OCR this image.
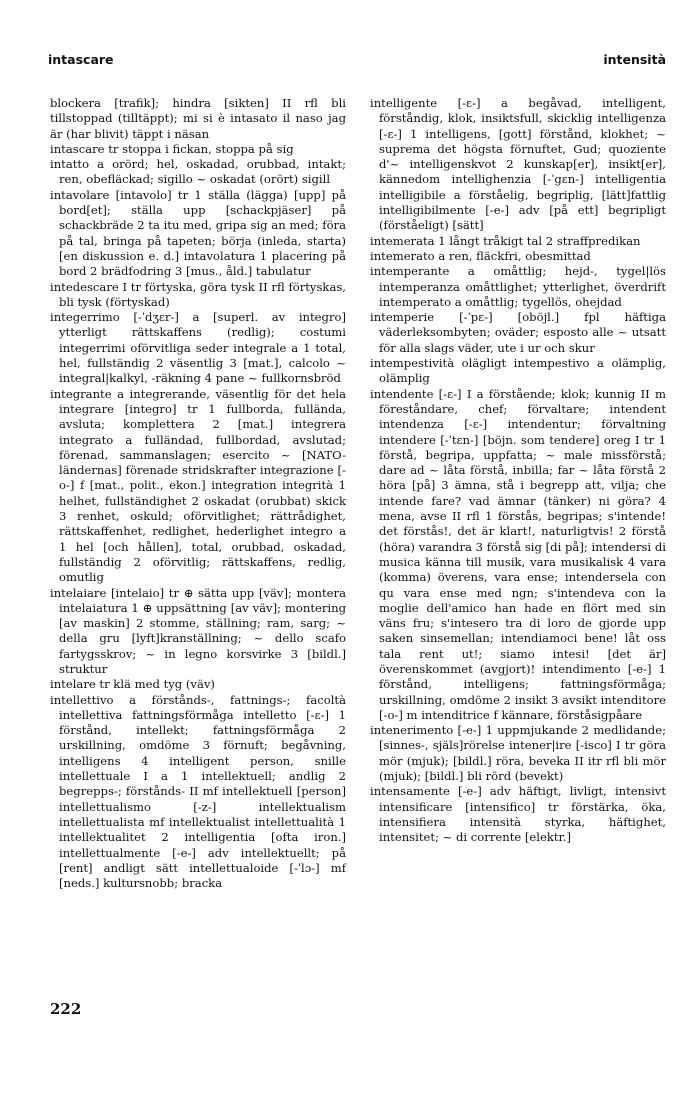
intascare	intensità

blockera [trafik]; hindra [sikten] II rfl bli tillstoppad (tilltäppt); mi si è intasato il naso jag är (har blivit) täppt i näsan

intascare tr stoppa i fickan, stoppa på sig

intatto a orörd; hel, oskadad, orubbad, intakt; ren, obefläckad; sigillo ~ oskadat (orört) sigill

intavolare [intavolo] tr 1 ställa (lägga) [upp] på bord[et]; ställa upp [schackpjäser] på schackbräde 2 ta itu med, gripa sig an med; föra på tal, bringa på tapeten; börja (inleda, starta) [en diskussion e. d.] intavolatura 1 placering på bord 2 brädfodring 3 [mus., åld.] tabulatur

intedescare I tr förtyska, göra tysk II rfl förtyskas, bli tysk (förtyskad)

integerrimo [-ˈdʒɛr-] a [superl. av integro] ytterligt rättskaffens (redlig); costumi integerrimi oförvitliga seder integrale a 1 total, hel, fullständig 2 väsentlig 3 [mat.], calcolo ~ integral|kalkyl, -räkning 4 pane ~ fullkornsbröd

integrante a integrerande, väsentlig för det hela integrare [integro] tr 1 fullborda, fulländа, avsluta; komplettera 2 [mat.] integrera integrato a fulländad, fullbordad, avslutad; förenad, sammanslagen; esercito ~ [NATO-ländernas] förenade stridskrafter integrazione [-o-] f [mat., polit., ekon.] integration integrità 1 helhet, fullständighet 2 oskadat (orubbat) skick 3 renhet, oskuld; oförvitlighet; rättrådighet, rättskaffenhet, redlighet, hederlighet integro a 1 hel [och hållen], total, orubbad, oskadad, fullständig 2 oförvitlig; rättskaffens, redlig, omutlig

intelaiare [intelaio] tr ⊕ sätta upp [väv]; montera intelaiatura 1 ⊕ uppsättning [av väv]; montering [av maskin] 2 stomme, ställning; ram, sarg; ~ della gru [lyft]kranställning; ~ dello scafo fartygsskrov; ~ in legno korsvirke 3 [bildl.] struktur

intelare tr klä med tyg (väv)

intellettivo a förstånds-, fattnings-; facoltà intellettiva fattningsförmåga intelletto [-ɛ-] 1 förstånd, intellekt; fattningsförmåga 2 urskillning, omdöme 3 förnuft; begåvning, intelligens 4 intelligent person, snille intellettuale I a 1 intellektuell; andlig 2 begrepps-; förstånds- II mf intellektuell [person] intellettualismo [-z-] intellektualism intellettualista mf intellektualist intellettualità 1 intellektualitet 2 intelligentia [ofta iron.] intellettualmente [-e-] adv intellektuellt; på [rent] andligt sätt intellettualoide [-ˈlɔ-] mf [neds.] kultursnobb; bracka

intelligente [-ɛ-] a begåvad, intelligent, förståndig, klok, insiktsfull, skicklig intelligenza [-ɛ-] 1 intelligens, [gott] förstånd, klokhet; ~ suprema det högsta förnuftet, Gud; quoziente d'~ intelligenskvot 2 kunskap[er], insikt[er], kännedom intellighenzia [-ˈgɛn-] intelligentia intelligibile a förståelig, begriplig, [lätt]fattlig intelligibilmente [-e-] adv [på ett] begripligt (förståeligt) [sätt]

intemerata 1 långt tråkigt tal 2 straffpredikan

intemerato a ren, fläckfri, obesmittad

intemperante a omåttlig; hejd-, tygel|lös intemperanza omåttlighet; ytterlighet, överdrift intemperato a omåttlig; tygellös, ohejdad

intemperie [-ˈpɛ-] [oböjl.] fpl häftiga väderleksombyten; oväder; esposto alle ~ utsatt för alla slags väder, ute i ur och skur

intempestività olägligt intempestivo a olämplig, olämplig

intendente [-ɛ-] I a förstående; klok; kunnig II m föreståndare, chef; förvaltare; intendent intendenza [-ɛ-] intendentur; förvaltning intendere [-ˈtɛn-] [böjn. som tendere] oreg I tr 1 förstå, begripa, uppfatta; ~ male missförstå; dare ad ~ låta förstå, inbilla; far ~ låta förstå 2 höra [på] 3 ämna, stå i begrepp att, vilja; che intende fare? vad ämnar (tänker) ni göra? 4 mena, avse II rfl 1 förstås, begripas; s'intende! det förstås!, det är klart!, naturligtvis! 2 förstå (höra) varandra 3 förstå sig [di på]; intendersi di musica känna till musik, vara musikalisk 4 vara (komma) överens, vara ense; intendersela con qu vara ense med ngn; s'intendeva con la moglie dell'amico han hade en flört med sin väns fru; s'intesero tra di loro de gjorde upp saken sinsemellan; intendiamoci bene! låt oss tala rent ut!; siamo intesi! [det är] överenskommet (avgjort)! intendimento [-e-] 1 förstånd, intelligens; fattningsförmåga; urskillning, omdöme 2 insikt 3 avsikt intenditore [-o-] m intenditrice f kännare, förståsigpåare

intenerimento [-e-] 1 uppmjukande 2 medlidande; [sinnes-, själs]rörelse intener|ire [-isco] I tr göra mör (mjuk); [bildl.] röra, beveka II itr rfl bli mör (mjuk); [bildl.] bli rörd (bevekt)

intensamente [-e-] adv häftigt, livligt, intensivt intensificare [intensifico] tr förstärka, öka, intensifiera intensità styrka, häftighet, intensitet; ~ di corrente [elektr.]

222
